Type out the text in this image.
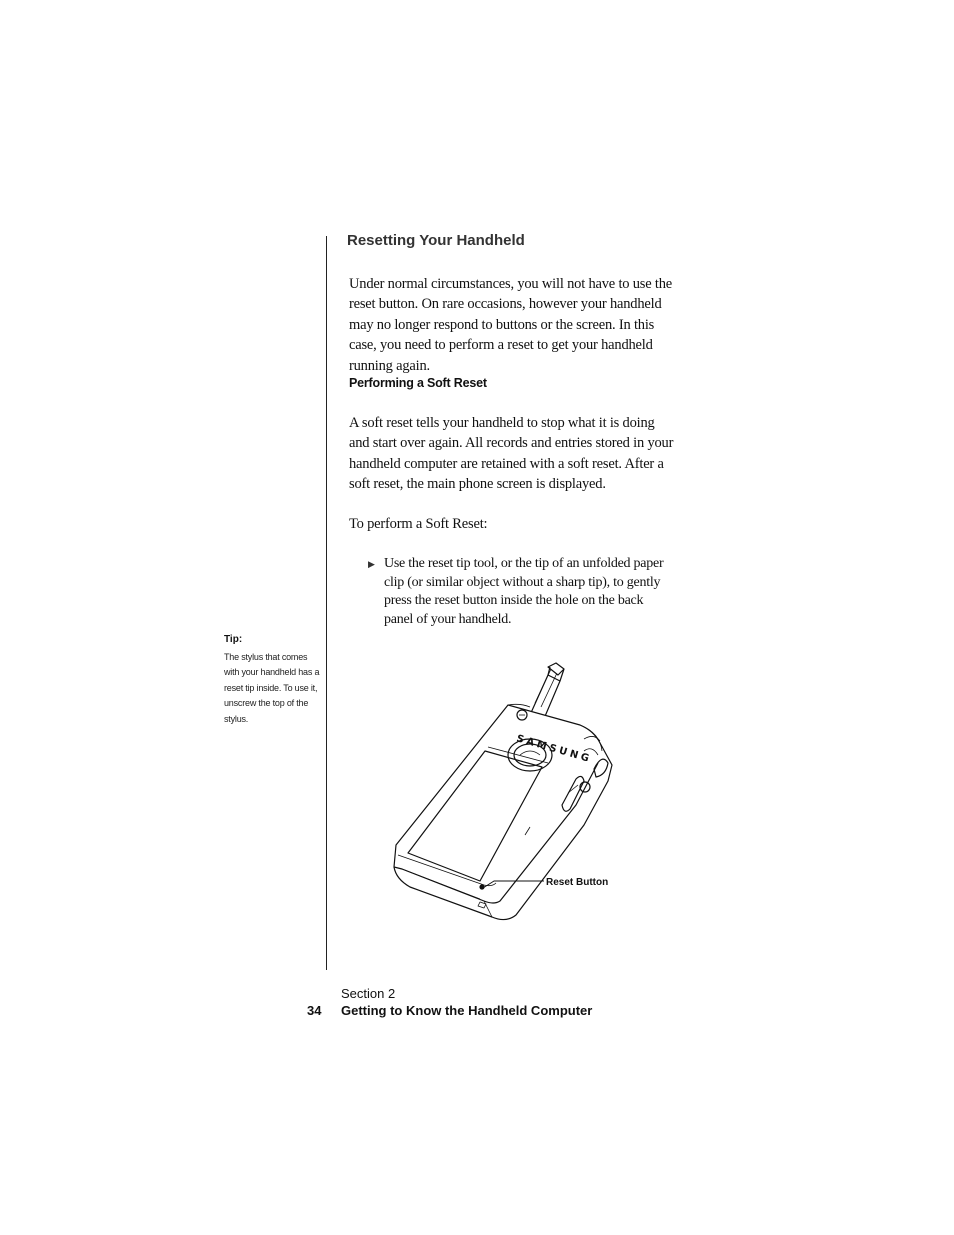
Resetting Your Handheld
Under normal circumstances, you will not have to use the reset button. On rare occasions, however your handheld may no longer respond to buttons or the screen. In this case, you need to perform a reset to get your handheld running again.
Performing a Soft Reset
A soft reset tells your handheld to stop what it is doing and start over again. All records and entries stored in your handheld computer are retained with a soft reset. After a soft reset, the main phone screen is displayed.
To perform a Soft Reset:
▶ Use the reset tip tool, or the tip of an unfolded paper clip (or similar object without a sharp tip), to gently press the reset button inside the hole on the back panel of your handheld.
Tip:
The stylus that comes with your handheld has a reset tip inside. To use it, unscrew the top of the stylus.
SAMSUNG
Reset Button
Section 2
34 Getting to Know the Handheld Computer
